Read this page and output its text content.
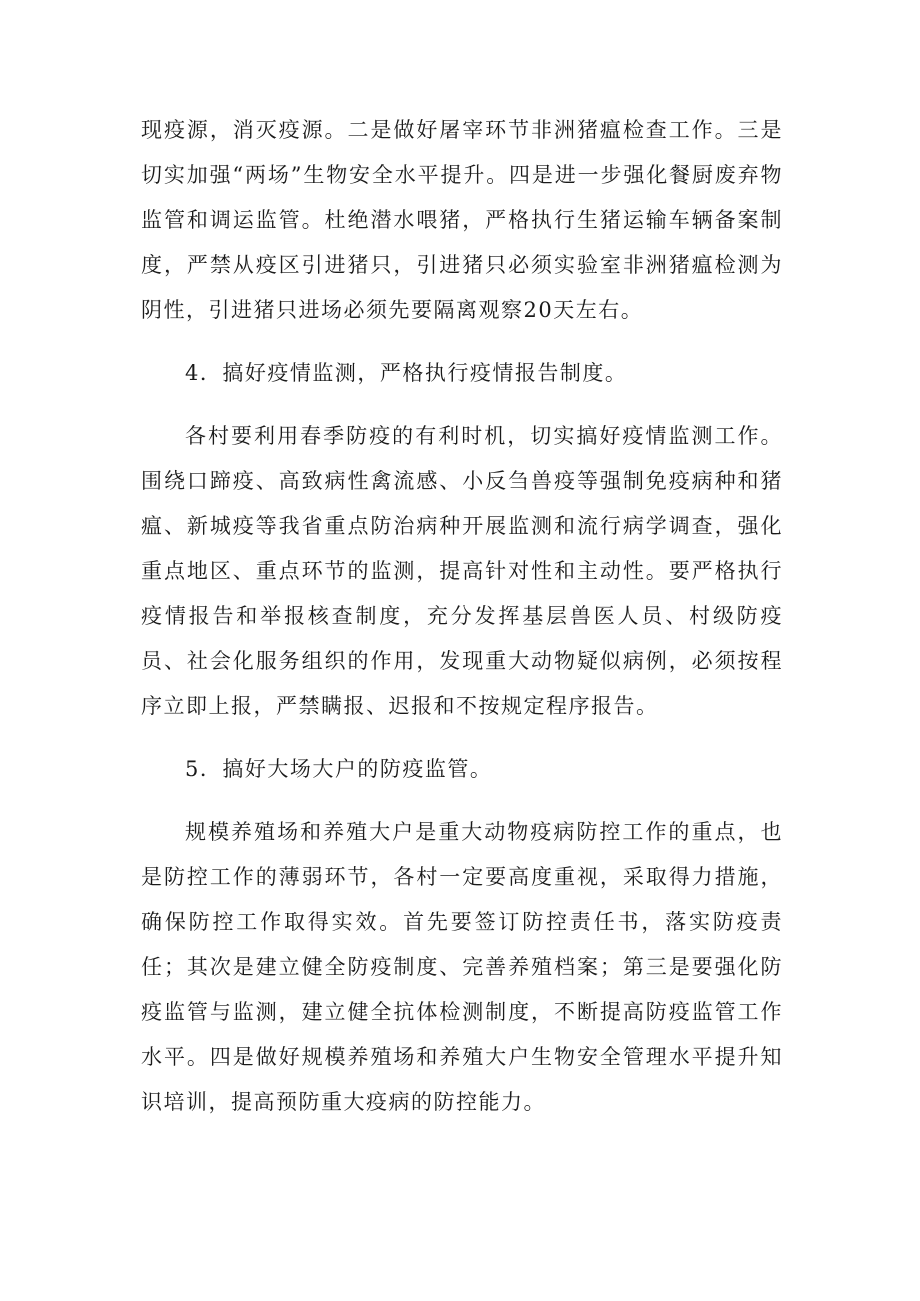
现疫源，消灭疫源。二是做好屠宰环节非洲猪瘟检查工作。三是切实加强“两场”生物安全水平提升。四是进一步强化餐厨废弃物监管和调运监管。杜绝潜水喂猪，严格执行生猪运输车辆备案制度，严禁从疫区引进猪只，引进猪只必须实验室非洲猪瘟检测为阴性，引进猪只进场必须先要隔离观察20天左右。

4．搞好疫情监测，严格执行疫情报告制度。

各村要利用春季防疫的有利时机，切实搞好疫情监测工作。围绕口蹄疫、高致病性禽流感、小反刍兽疫等强制免疫病种和猪瘟、新城疫等我省重点防治病种开展监测和流行病学调查，强化重点地区、重点环节的监测，提高针对性和主动性。要严格执行疫情报告和举报核查制度，充分发挥基层兽医人员、村级防疫员、社会化服务组织的作用，发现重大动物疑似病例，必须按程序立即上报，严禁瞒报、迟报和不按规定程序报告。

5．搞好大场大户的防疫监管。

规模养殖场和养殖大户是重大动物疫病防控工作的重点，也是防控工作的薄弱环节，各村一定要高度重视，采取得力措施，确保防控工作取得实效。首先要签订防控责任书，落实防疫责任；其次是建立健全防疫制度、完善养殖档案；第三是要强化防疫监管与监测，建立健全抗体检测制度，不断提高防疫监管工作水平。四是做好规模养殖场和养殖大户生物安全管理水平提升知识培训，提高预防重大疫病的防控能力。
